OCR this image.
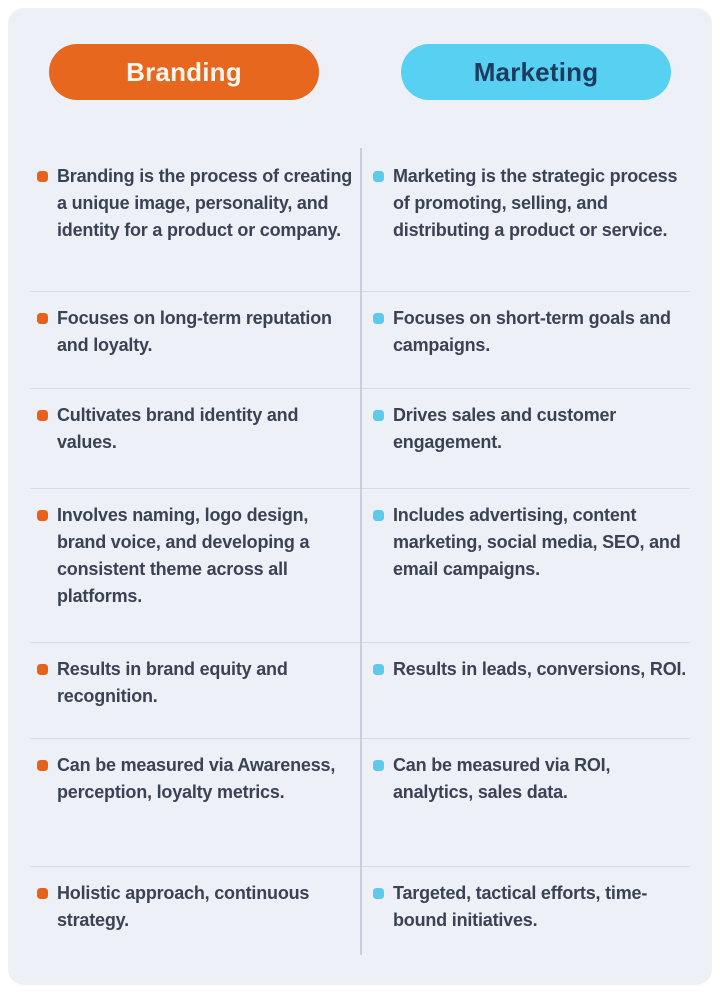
Branding	Marketing
Branding is the process of creating a unique image, personality, and identity for a product or company.
Marketing is the strategic process of promoting, selling, and distributing a product or service.
Focuses on long-term reputation and loyalty.
Focuses on short-term goals and campaigns.
Cultivates brand identity and values.
Drives sales and customer engagement.
Involves naming, logo design, brand voice, and developing a consistent theme across all platforms.
Includes advertising, content marketing, social media, SEO, and email campaigns.
Results in brand equity and recognition.
Results in leads, conversions, ROI.
Can be measured via Awareness, perception, loyalty metrics.
Can be measured via ROI, analytics, sales data.
Holistic approach, continuous strategy.
Targeted, tactical efforts, time-bound initiatives.
